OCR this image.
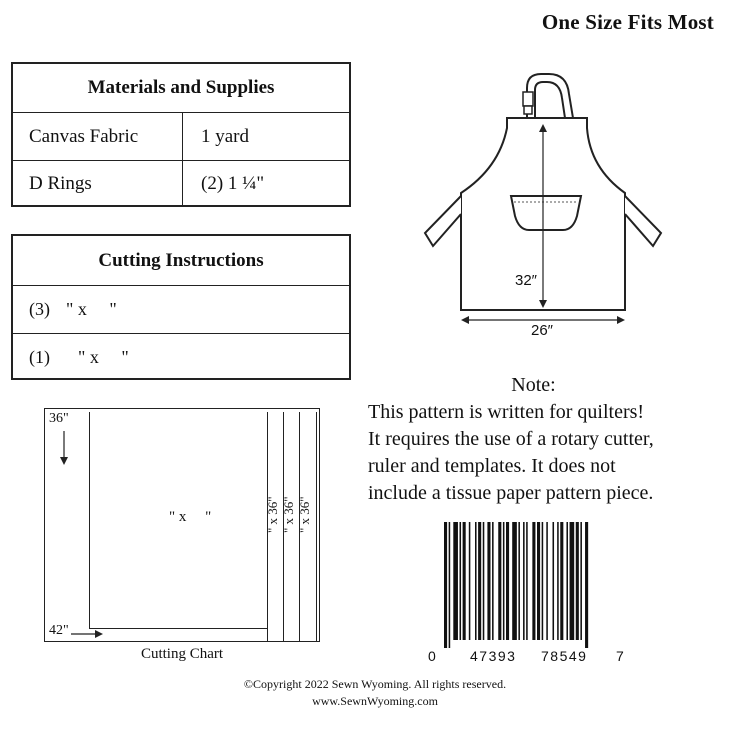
One Size Fits Most
Materials and Supplies
Canvas Fabric	1 yard
D Rings	(2) 1 ¼"
Cutting Instructions
(3) " x     "
(1) " x     "
32″
26″
Note:
This pattern is written for quilters!
It requires the use of a rotary cutter,
ruler and templates. It does not
include a tissue paper pattern piece.
36"
42"
" x     "	" x 36" " x 36" " x 36"
Cutting Chart	0 47393 78549 7
©Copyright 2022 Sewn Wyoming. All rights reserved.
www.SewnWyoming.com
